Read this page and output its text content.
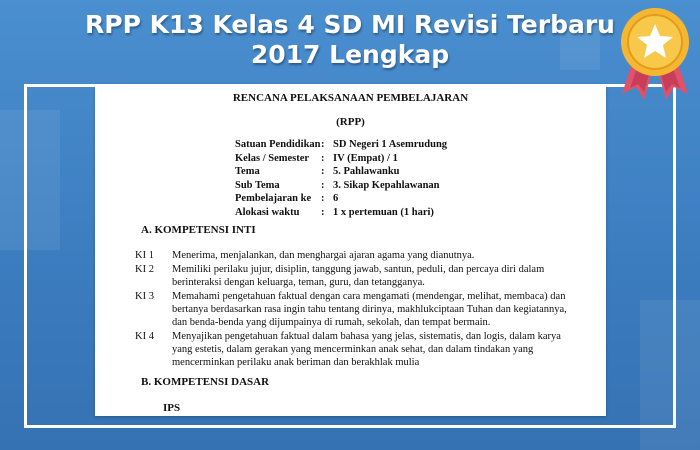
RPP K13 Kelas 4 SD MI Revisi Terbaru
2017 Lengkap
RENCANA PELAKSANAAN PEMBELAJARAN
(RPP)
Satuan Pendidikan : SD Negeri 1 Asemrudung
Kelas / Semester	: IV (Empat) / 1
Tema	: 5. Pahlawanku
Sub Tema	: 3. Sikap Kepahlawanan
Pembelajaran ke : 6
Alokasi waktu	: 1 x pertemuan (1 hari)
A. KOMPETENSI INTI
KI 1	Menerima, menjalankan, dan menghargai ajaran agama yang dianutnya.
KI 2	Memiliki perilaku jujur, disiplin, tanggung jawab, santun, peduli, dan percaya diri dalam berinteraksi dengan keluarga, teman, guru, dan tetangganya.
KI 3	Memahami pengetahuan faktual dengan cara mengamati (mendengar, melihat, membaca) dan bertanya berdasarkan rasa ingin tahu tentang dirinya, makhlukciptaan Tuhan dan kegiatannya, dan benda-benda yang dijumpainya di rumah, sekolah, dan tempat bermain.
KI 4	Menyajikan pengetahuan faktual dalam bahasa yang jelas, sistematis, dan logis, dalam karya yang estetis, dalam gerakan yang mencerminkan anak sehat, dan dalam tindakan yang mencerminkan perilaku anak beriman dan berakhlak mulia
B. KOMPETENSI DASAR
IPS
